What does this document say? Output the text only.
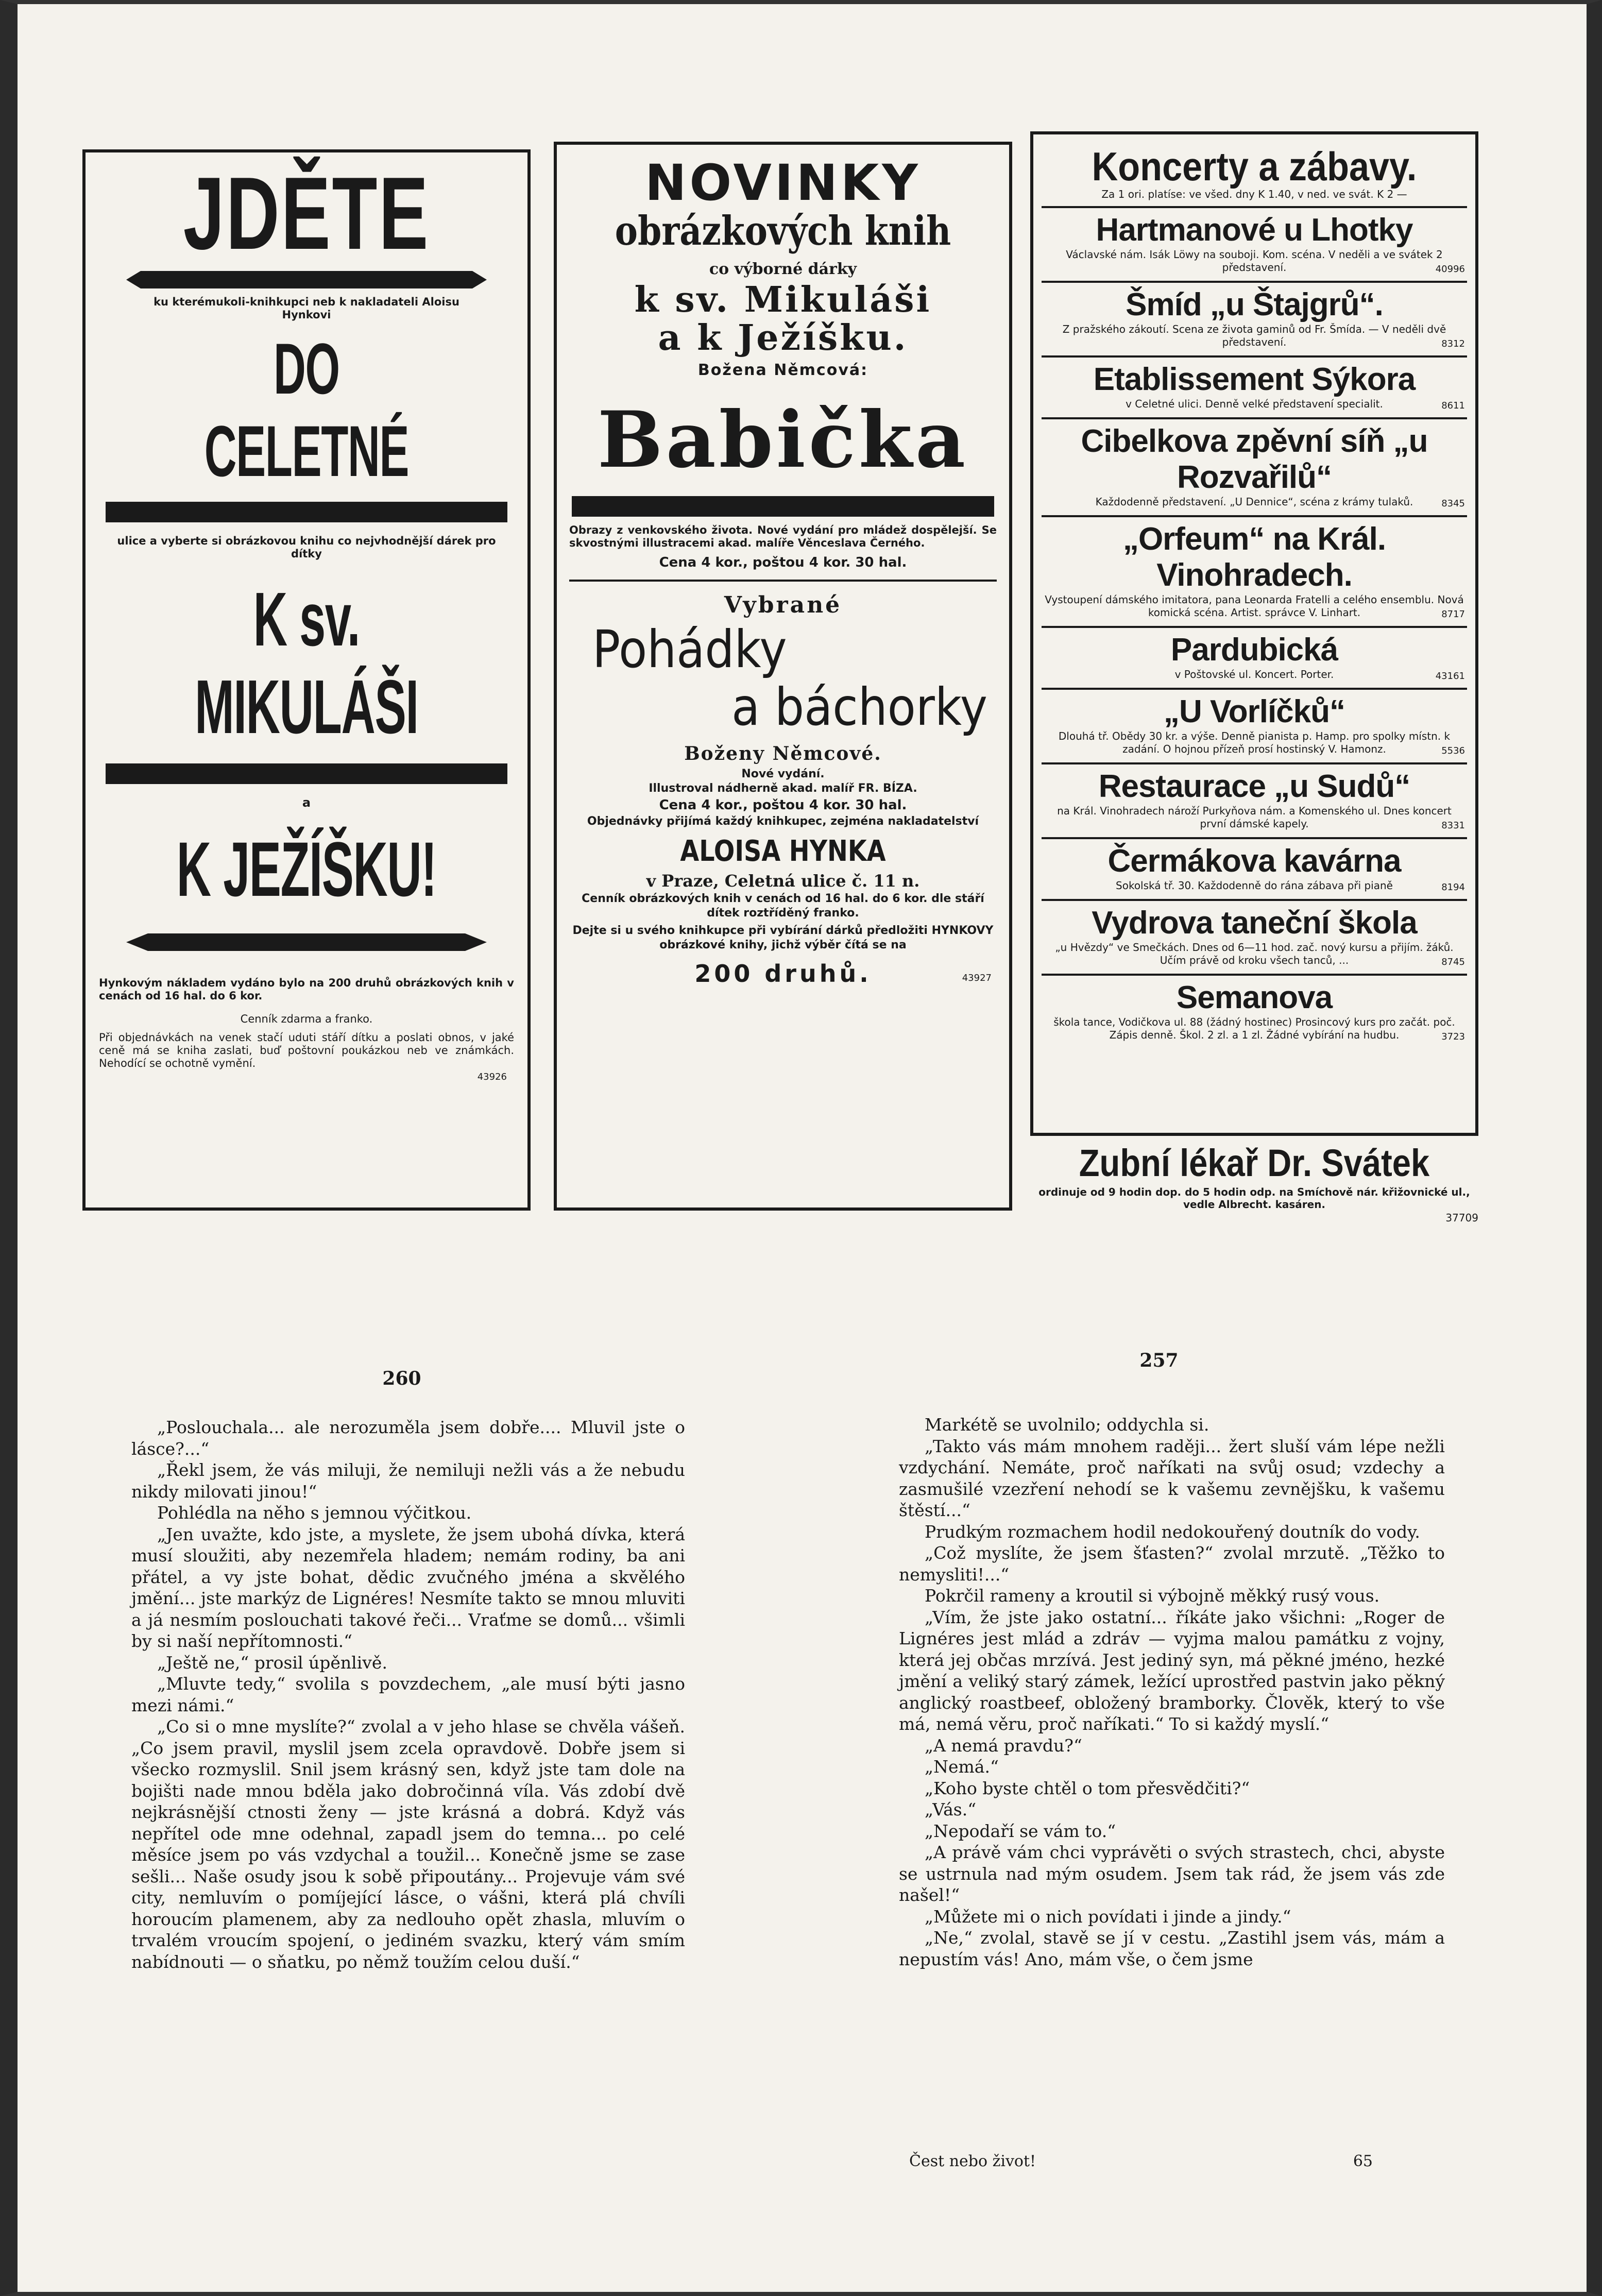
JDĚTE
ku kterémukoli-knihkupci neb k nakladateli Aloisu Hynkovi
DO CELETNÉ
ulice a vyberte si obrázkovou knihu co nejvhodnější dárek pro dítky
K sv. MIKULÁŠI
a
K JEŽÍŠKU!
Hynkovým nákladem vydáno bylo na 200 druhů obrázkových knih v cenách od 16 hal. do 6 kor.
Cenník zdarma a franko.
Při objednávkách na venek stačí uduti stáří dítku a poslati obnos, v jaké ceně má se kniha zaslati, buď poštovní poukázkou neb ve známkách. Nehodící se ochotně vymění.
43926
NOVINKY
obrázkových knih
co výborné dárky
k sv. Mikuláši
a k Ježíšku.
Božena Němcová:
Babička
Obrazy z venkovského života. Nové vydání pro mládež dospělejší. Se skvostnými illustracemi akad. malíře Věnceslava Černého.
Cena 4 kor., poštou 4 kor. 30 hal.
Vybrané
Pohádky
a báchorky
Boženy Němcové.
Nové vydání.
Illustroval nádherně akad. malíř FR. BÍZA.
Cena 4 kor., poštou 4 kor. 30 hal.
Objednávky přijímá každý knihkupec, zejména nakladatelství
ALOISA HYNKA
v Praze, Celetná ulice č. 11 n.
Cenník obrázkových knih v cenách od 16 hal. do 6 kor. dle stáří dítek roztříděný franko.
Dejte si u svého knihkupce při vybírání dárků předložiti HYNKOVY obrázkové knihy, jichž výběr čítá se na
200 druhů.	43927
Koncerty a zábavy.
Za 1 ori. platíse: ve všed. dny K 1.40, v ned. ve svát. K 2 —
Hartmanové u Lhotky
Václavské nám. Isák Löwy na souboji. Kom. scéna. V neděli a ve svátek 2 představení.	40996
Šmíd „u Štajgrů“.
Z pražského zákoutí. Scena ze života gaminů od Fr. Šmída. — V neděli dvě představení.	8312
Etablissement Sýkora
v Celetné ulici. Denně velké představení specialit.	8611
Cibelkova zpěvní síň „u Rozvařilů“
Každodenně představení. „U Dennice“, scéna z krámy tulaků.	8345
„Orfeum“ na Král. Vinohradech.
Vystoupení dámského imitatora, pana Leonarda Fratelli a celého ensemblu. Nová komická scéna. Artist. správce V. Linhart.	8717
Pardubická
v Poštovské ul. Koncert. Porter.	43161
„U Vorlíčků“
Dlouhá tř. Obědy 30 kr. a výše. Denně pianista p. Hamp. pro spolky místn. k zadání. O hojnou přízeň prosí hostinský V. Hamonz.	5536
Restaurace „u Sudů“
na Král. Vinohradech nároží Purkyňova nám. a Komenského ul. Dnes koncert první dámské kapely.	8331
Čermákova kavárna
Sokolská tř. 30. Každodenně do rána zábava při pianě	8194
Vydrova taneční škola
„u Hvězdy“ ve Smečkách. Dnes od 6—11 hod. zač. nový kursu a přijím. žáků. Učím právě od kroku všech tanců, ...	8745
Semanova
škola tance, Vodičkova ul. 88 (žádný hostinec) Prosincový kurs pro začát. poč. Zápis denně. Škol. 2 zl. a 1 zl. Žádné vybírání na hudbu.	3723
Zubní lékař Dr. Svátek
ordinuje od 9 hodin dop. do 5 hodin odp. na Smíchově nár. křižovnické ul., vedle Albrecht. kasáren.
37709
260

„Poslouchala... ale nerozuměla jsem dobře.... Mluvil jste o lásce?...“

„Řekl jsem, že vás miluji, že nemiluji nežli vás a že nebudu nikdy milovati jinou!“

Pohlédla na něho s jemnou výčitkou.

„Jen uvažte, kdo jste, a myslete, že jsem ubohá dívka, která musí sloužiti, aby nezemřela hladem; nemám rodiny, ba ani přátel, a vy jste bohat, dědic zvučného jména a skvělého jmění... jste markýz de Lignéres! Nesmíte takto se mnou mluviti a já nesmím poslouchati takové řeči... Vraťme se domů... všimli by si naší nepřítomnosti.“

„Ještě ne,“ prosil úpěnlivě.

„Mluvte tedy,“ svolila s povzdechem, „ale musí býti jasno mezi námi.“

„Co si o mne myslíte?“ zvolal a v jeho hlase se chvěla vášeň. „Co jsem pravil, myslil jsem zcela opravdově. Dobře jsem si všecko rozmyslil. Snil jsem krásný sen, když jste tam dole na bojišti nade mnou bděla jako dobročinná víla. Vás zdobí dvě nejkrásnější ctnosti ženy — jste krásná a dobrá. Když vás nepřítel ode mne odehnal, zapadl jsem do temna... po celé měsíce jsem po vás vzdychal a toužil... Konečně jsme se zase sešli... Naše osudy jsou k sobě připoutány... Projevuje vám své city, nemluvím o pomíjející lásce, o vášni, která plá chvíli horoucím plamenem, aby za nedlouho opět zhasla, mluvím o trvalém vroucím spojení, o jediném svazku, který vám smím nabídnouti — o sňatku, po němž toužím celou duší.“

257

Markétě se uvolnilo; oddychla si.

„Takto vás mám mnohem raději... žert sluší vám lépe nežli vzdychání. Nemáte, proč naříkati na svůj osud; vzdechy a zasmušilé vzezření nehodí se k vašemu zevnějšku, k vašemu štěstí...“

Prudkým rozmachem hodil nedokouřený doutník do vody.

„Což myslíte, že jsem šťasten?“ zvolal mrzutě. „Těžko to nemysliti!...“

Pokrčil rameny a kroutil si výbojně měkký rusý vous.

„Vím, že jste jako ostatní... říkáte jako všichni: „Roger de Lignéres jest mlád a zdráv — vyjma malou památku z vojny, která jej občas mrzívá. Jest jediný syn, má pěkné jméno, hezké jmění a veliký starý zámek, ležící uprostřed pastvin jako pěkný anglický roastbeef, obložený bramborky. Člověk, který to vše má, nemá věru, proč naříkati.“ To si každý myslí.“

„A nemá pravdu?“

„Nemá.“

„Koho byste chtěl o tom přesvědčiti?“

„Vás.“

„Nepodaří se vám to.“

„A právě vám chci vyprávěti o svých strastech, chci, abyste se ustrnula nad mým osudem. Jsem tak rád, že jsem vás zde našel!“

„Můžete mi o nich povídati i jinde a jindy.“

„Ne,“ zvolal, stavě se jí v cestu. „Zastihl jsem vás, mám a nepustím vás! Ano, mám vše, o čem jsme

Čest nebo život!	65
